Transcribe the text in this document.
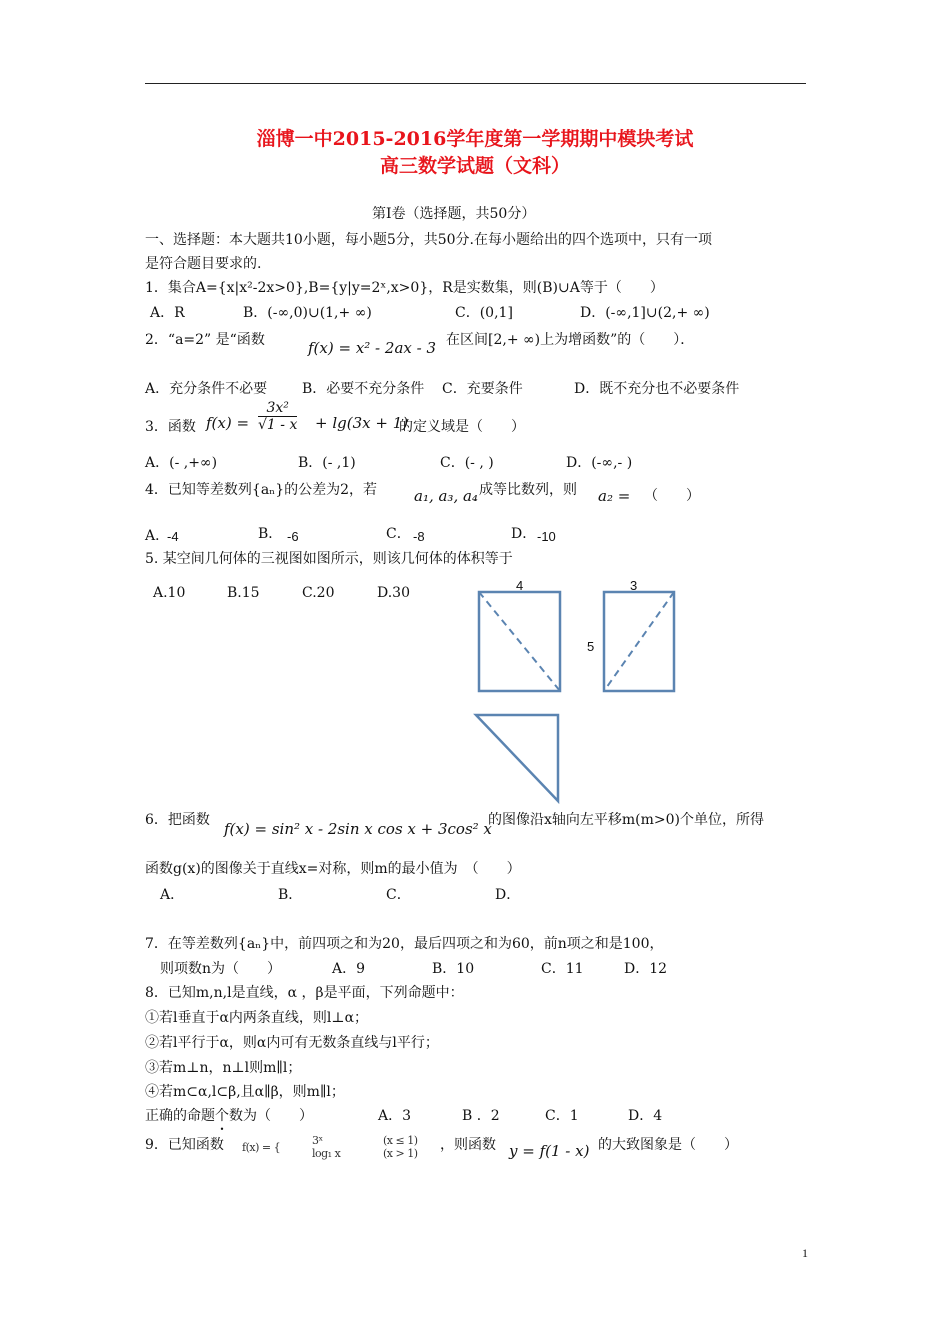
淄博一中2015-2016学年度第一学期期中模块考试
高三数学试题（文科）
第Ⅰ卷（选择题，共50分）
一、选择题：本大题共10小题，每小题5分，共50分.在每小题给出的四个选项中，只有一项
是符合题目要求的.
1．集合A={x|x²-2x>0},B={y|y=2ˣ,x>0}，R是实数集，则(B)∪A等于（　　）
A．R	B．(-∞,0)∪(1,+ ∞)	C．(0,1]	D．(-∞,1]∪(2,+ ∞)
2．“a=2” 是“函数	f(x) = x² - 2ax - 3 在区间[2,+ ∞)上为增函数”的（　　）．
A．充分条件不必要 B．必要不充分条件 C．充要条件	D．既不充分也不必要条件
3．函数 $f(x) = \frac{\text{3x²}}{√1 - x} + \lg(3x + 1)$
的定义域是（　　）
A．(- ,+∞)	B．(- ,1)	C．(- , )	D．(-∞,- )
4．已知等差数列{aₙ}的公差为2，若 a₁, a₃, a₄ 成等比数列，则 a₂ = （　　）
A．
-4	B． -6	C． -8	D． -10
5. 某空间几何体的三视图如图所示，则该几何体的体积等于
A.10	B.15	C.20	D.30	4	3
5
6．把函数 f(x) = sin² x - 2sin x cos x + 3cos² x
的图像沿x轴向左平移m(m>0)个单位，所得
函数g(x)的图像关于直线x=对称，则m的最小值为　（　　）
A．	B．	C．	D．
7．在等差数列{aₙ}中，前四项之和为20，最后四项之和为60，前n项之和是100，
则项数n为（　　）	A．9	B．10	C．11	D．12
8．已知m,n,l是直线，α ，β是平面，下列命题中：
①若l垂直于α内两条直线，则l⊥α；
②若l平行于α，则α内可有无数条直线与l平行；
③若m⊥n，n⊥l则m∥l；
④若m⊂α,l⊂β,且α∥β，则m∥l；
正确的命题个数为（　　）	A．3	B ．2	C．1	D．4
9．已知函数 f(x) = {
3ˣ
log₁ x
(x ≤ 1)
(x > 1)
，则函数 y = f(1 - x) 的大致图象是（　　）
1
